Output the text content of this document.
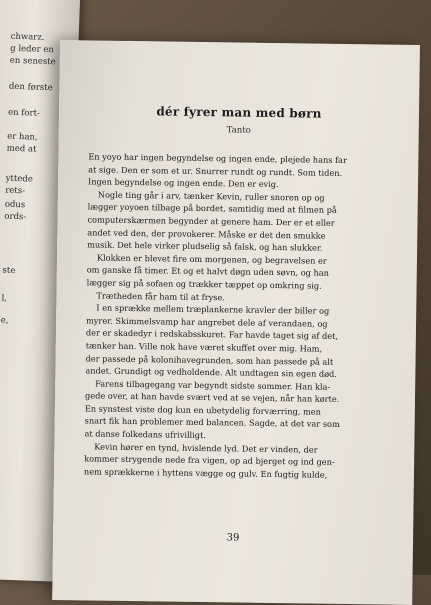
chwarz.
g leder en
en seneste
den første
en fort-
er han,
med at
yttede
rets-
odus
ords-
ste
l,
e,
dér fyrer man med børn
Tanto
En yoyo har ingen begyndelse og ingen ende, plejede hans far
at sige. Den er som et ur. Snurrer rundt og rundt. Som tiden.
Ingen begyndelse og ingen ende. Den er evig.
Nogle ting går i arv, tænker Kevin, ruller snoren op og
lægger yoyoen tilbage på bordet, samtidig med at filmen på
computerskærmen begynder at genere ham. Der er et eller
andet ved den, der provokerer. Måske er det den smukke
musik. Det hele virker pludselig så falsk, og han slukker.
Klokken er blevet fire om morgenen, og begravelsen er
om ganske få timer. Et og et halvt døgn uden søvn, og han
lægger sig på sofaen og trækker tæppet op omkring sig.
Trætheden får ham til at fryse.
I en sprække mellem træplankerne kravler der biller og
myrer. Skimmelsvamp har angrebet dele af verandaen, og
der er skadedyr i redskabsskuret. Far havde taget sig af det,
tænker han. Ville nok have været skuffet over mig. Ham,
der passede på kolonihavegrunden, som han passede på alt
andet. Grundigt og vedholdende. Alt undtagen sin egen død.
Farens tilbagegang var begyndt sidste sommer. Han kla-
gede over, at han havde svært ved at se vejen, når han kørte.
En synstest viste dog kun en ubetydelig forværring, men
snart fik han problemer med balancen. Sagde, at det var som
at danse folkedans ufrivilligt.
Kevin hører en tynd, hvislende lyd. Det er vinden, der
kommer strygende nede fra vigen, op ad bjerget og ind gen-
nem sprækkerne i hyttens vægge og gulv. En fugtig kulde,
39
